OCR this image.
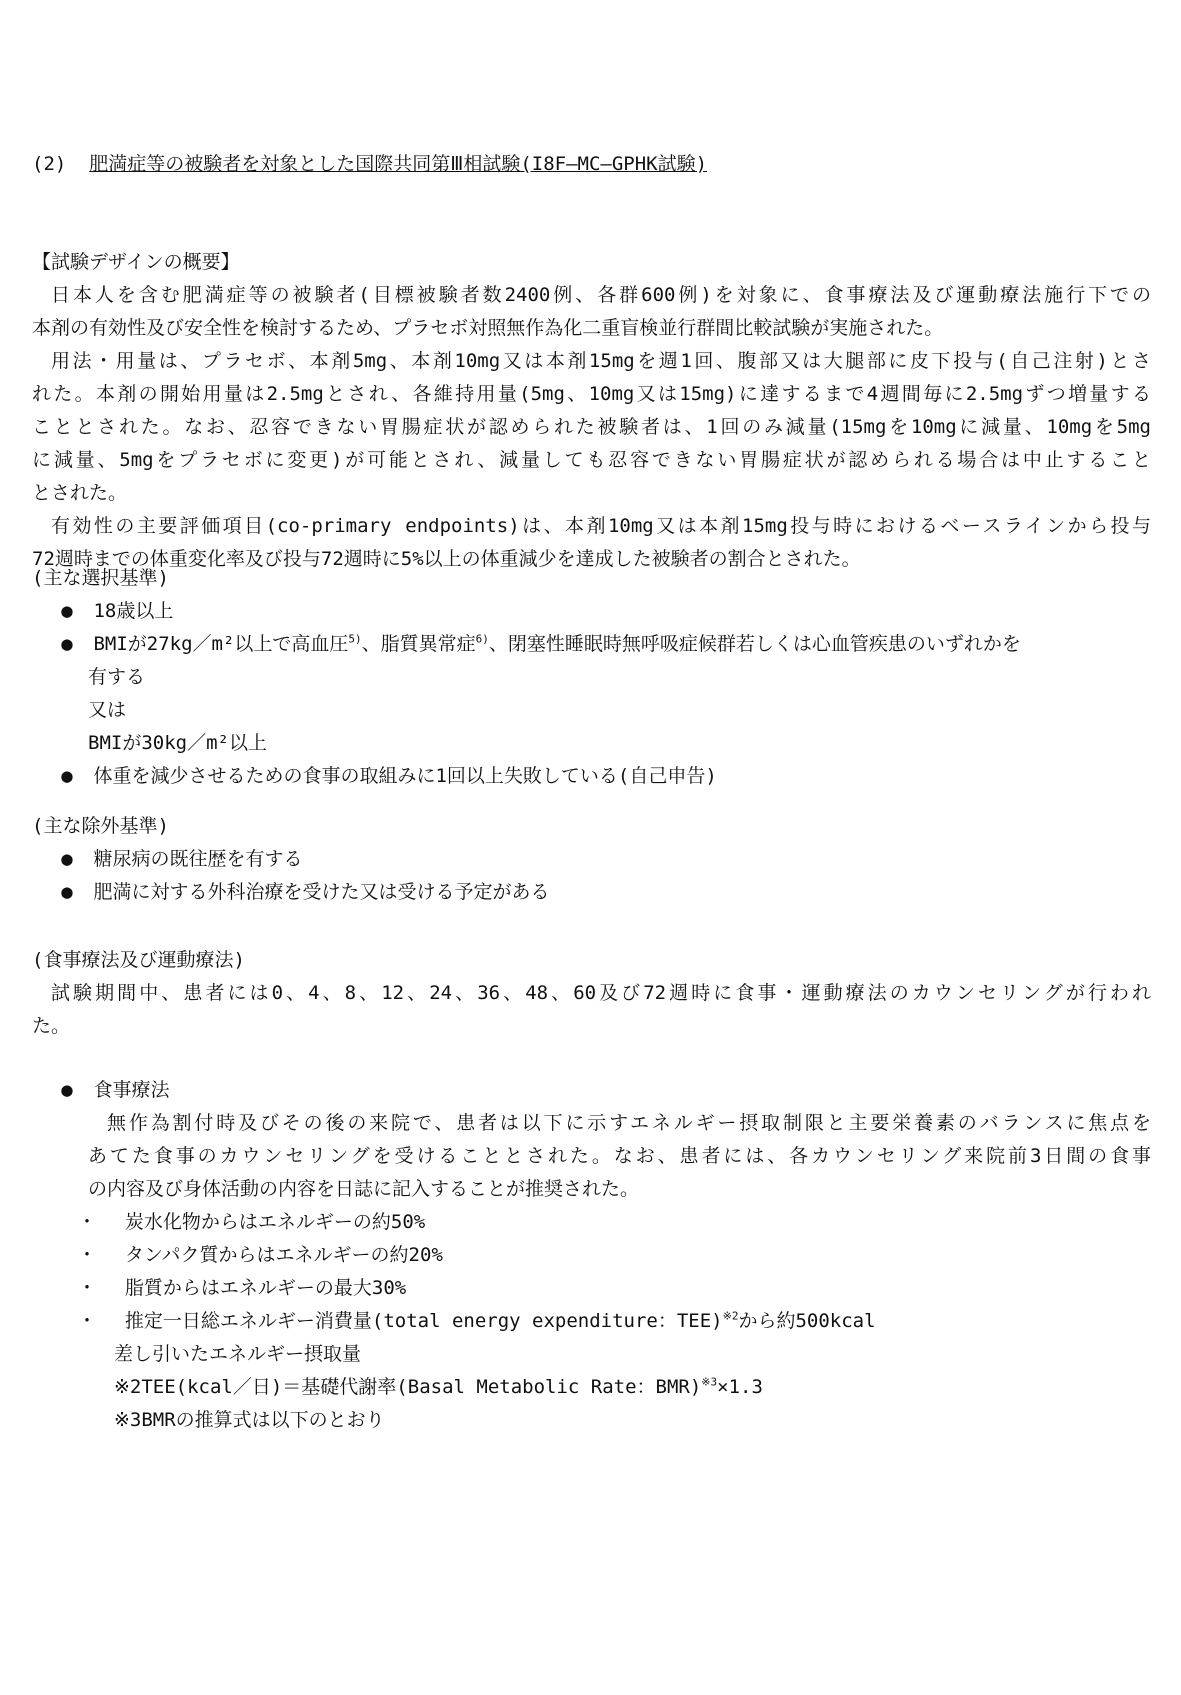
(2) 肥満症等の被験者を対象とした国際共同第Ⅲ相試験(I8F―MC―GPHK試験)
【試験デザインの概要】
日本人を含む肥満症等の被験者(目標被験者数2400例、各群600例)を対象に、食事療法及び運動療法施行下での
本剤の有効性及び安全性を検討するため、プラセボ対照無作為化二重盲検並行群間比較試験が実施された。
用法・用量は、プラセボ、本剤5mg、本剤10mg又は本剤15mgを週1回、腹部又は大腿部に皮下投与(自己注射)とさ
れた。本剤の開始用量は2.5mgとされ、各維持用量(5mg、10mg又は15mg)に達するまで4週間毎に2.5mgずつ増量する
こととされた。なお、忍容できない胃腸症状が認められた被験者は、1回のみ減量(15mgを10mgに減量、10mgを5mg
に減量、5mgをプラセボに変更)が可能とされ、減量しても忍容できない胃腸症状が認められる場合は中止すること
とされた。
有効性の主要評価項目(co-primary endpoints)は、本剤10mg又は本剤15mg投与時におけるベースラインから投与
72週時までの体重変化率及び投与72週時に5%以上の体重減少を達成した被験者の割合とされた。
(主な選択基準)
● 18歳以上
● BMIが27kg／m²以上で高血圧$^{5)}$、脂質異常症$^{6)}$、閉塞性睡眠時無呼吸症候群若しくは心血管疾患のいずれかを
有する
又は
BMIが30kg／m²以上
● 体重を減少させるための食事の取組みに1回以上失敗している(自己申告)
(主な除外基準)
● 糖尿病の既往歴を有する
● 肥満に対する外科治療を受けた又は受ける予定がある
(食事療法及び運動療法)
試験期間中、患者には0、4、8、12、24、36、48、60及び72週時に食事・運動療法のカウンセリングが行われ
た。
● 食事療法
無作為割付時及びその後の来院で、患者は以下に示すエネルギー摂取制限と主要栄養素のバランスに焦点を
あてた食事のカウンセリングを受けることとされた。なお、患者には、各カウンセリング来院前3日間の食事
の内容及び身体活動の内容を日誌に記入することが推奨された。
・ 炭水化物からはエネルギーの約50%
・ タンパク質からはエネルギーの約20%
・ 脂質からはエネルギーの最大30%
・ 推定一日総エネルギー消費量(total energy expenditure：TEE)$^{※2}$から約500kcal
差し引いたエネルギー摂取量
※2TEE(kcal／日)＝基礎代謝率(Basal Metabolic Rate：BMR)$^{※3}$×1.3
※3BMRの推算式は以下のとおり
